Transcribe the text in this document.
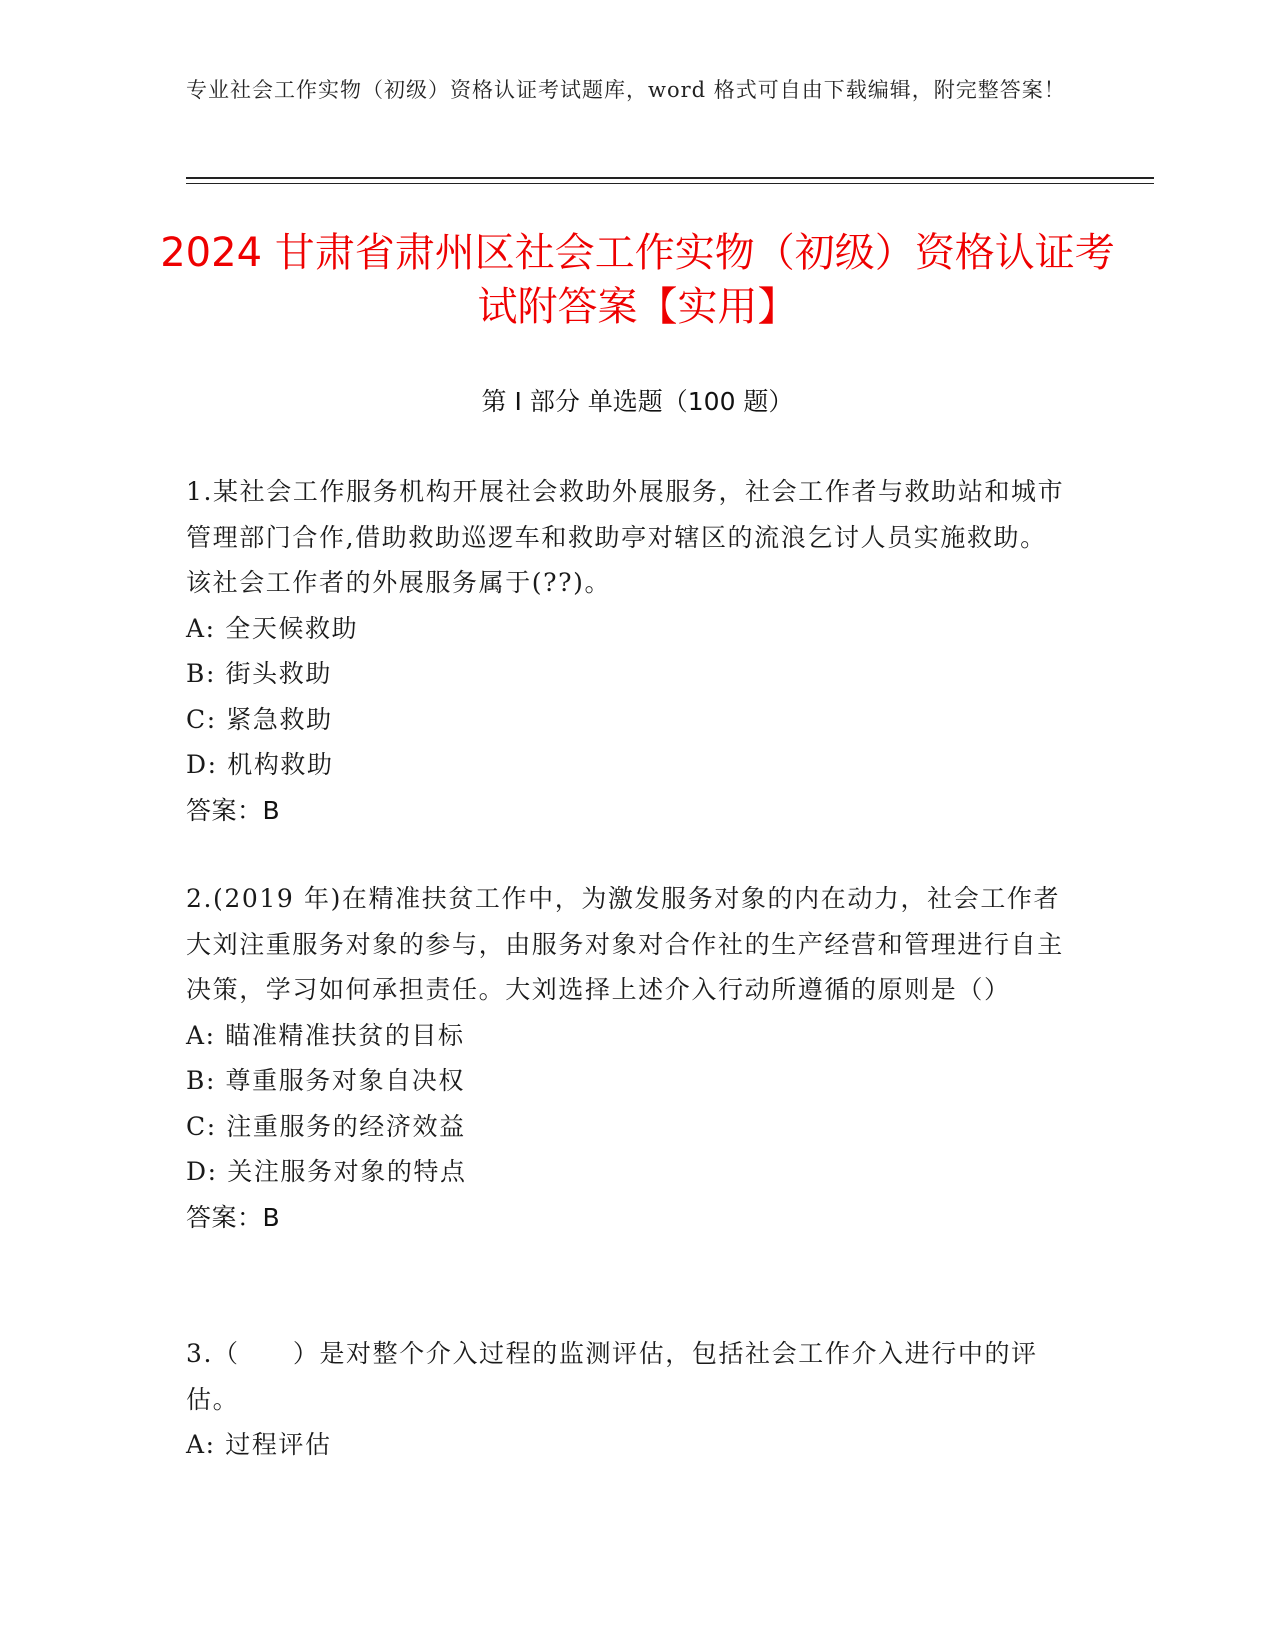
专业社会工作实物（初级）资格认证考试题库，word 格式可自由下载编辑，附完整答案！
2024 甘肃省肃州区社会工作实物（初级）资格认证考试附答案【实用】
第 I 部分 单选题（100 题）

1.某社会工作服务机构开展社会救助外展服务，社会工作者与救助站和城市管理部门合作,借助救助巡逻车和救助亭对辖区的流浪乞讨人员实施救助。该社会工作者的外展服务属于(??)。

A: 全天候救助

B: 街头救助

C: 紧急救助

D: 机构救助

答案：B

2.(2019 年)在精准扶贫工作中，为激发服务对象的内在动力，社会工作者大刘注重服务对象的参与，由服务对象对合作社的生产经营和管理进行自主决策，学习如何承担责任。大刘选择上述介入行动所遵循的原则是（）

A: 瞄准精准扶贫的目标

B: 尊重服务对象自决权

C: 注重服务的经济效益

D: 关注服务对象的特点

答案：B

3.（　　）是对整个介入过程的监测评估，包括社会工作介入进行中的评估。

A: 过程评估
